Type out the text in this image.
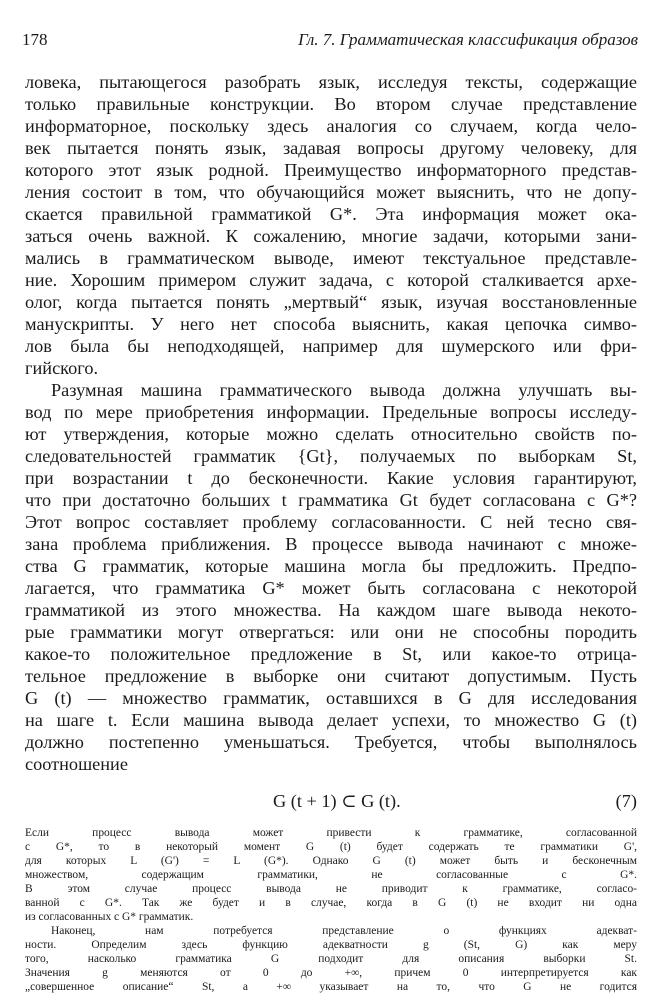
178	Гл. 7. Грамматическая классификация образов
ловека, пытающегося разобрать язык, исследуя тексты, содержащие
только правильные конструкции. Во втором случае представление
информаторное, поскольку здесь аналогия со случаем, когда чело-
век пытается понять язык, задавая вопросы другому человеку, для
которого этот язык родной. Преимущество информаторного представ-
ления состоит в том, что обучающийся может выяснить, что не допу-
скается правильной грамматикой G*. Эта информация может ока-
заться очень важной. К сожалению, многие задачи, которыми зани-
мались в грамматическом выводе, имеют текстуальное представле-
ние. Хорошим примером служит задача, с которой сталкивается архе-
олог, когда пытается понять „мертвый“ язык, изучая восстановленные
манускрипты. У него нет способа выяснить, какая цепочка симво-
лов была бы неподходящей, например для шумерского или фри-
гийского.
Разумная машина грамматического вывода должна улучшать вы-
вод по мере приобретения информации. Предельные вопросы исследу-
ют утверждения, которые можно сделать относительно свойств по-
следовательностей грамматик {Gt}, получаемых по выборкам St,
при возрастании t до бесконечности. Какие условия гарантируют,
что при достаточно больших t грамматика Gt будет согласована с G*?
Этот вопрос составляет проблему согласованности. С ней тесно свя-
зана проблема приближения. В процессе вывода начинают с множе-
ства G грамматик, которые машина могла бы предложить. Предпо-
лагается, что грамматика G* может быть согласована с некоторой
грамматикой из этого множества. На каждом шаге вывода некото-
рые грамматики могут отвергаться: или они не способны породить
какое-то положительное предложение в St, или какое-то отрица-
тельное предложение в выборке они считают допустимым. Пусть
G (t) — множество грамматик, оставшихся в G для исследования
на шаге t. Если машина вывода делает успехи, то множество G (t)
должно постепенно уменьшаться. Требуется, чтобы выполнялось
соотношение
G (t + 1) ⊂ G (t).	(7)
Если процесс вывода может привести к грамматике, согласованной
с G*, то в некоторый момент G (t) будет содержать те грамматики G',
для которых L (G') = L (G*). Однако G (t) может быть и бесконечным
множеством, содержащим грамматики, не согласованные с G*.
В этом случае процесс вывода не приводит к грамматике, согласо-
ванной с G*. Так же будет и в случае, когда в G (t) не входит ни одна
из согласованных с G* грамматик.
Наконец, нам потребуется представление о функциях адекват-
ности. Определим здесь функцию адекватности g (St, G) как меру
того, насколько грамматика G подходит для описания выборки St.
Значения g меняются от 0 до +∞, причем 0 интерпретируется как
„совершенное описание“ St, а +∞ указывает на то, что G не годится
